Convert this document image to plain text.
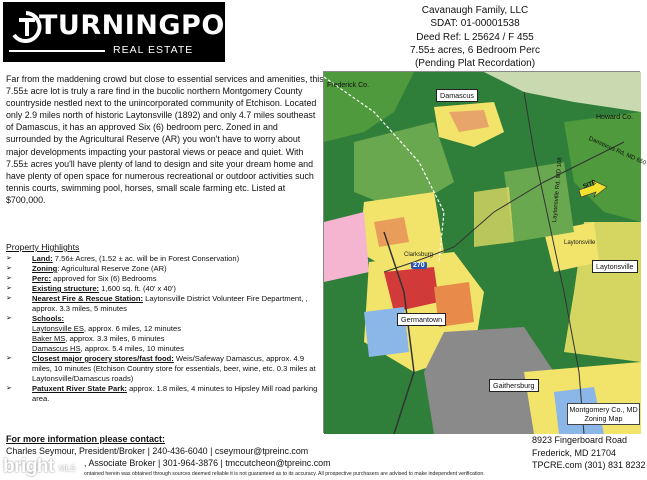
TURNINGPOINT
REAL ESTATE
Cavanaugh Family, LLC
SDAT: 01-00001538
Deed Ref: L 25624 / F 455
7.55± acres, 6 Bedroom Perc
(Pending Plat Recordation)
Far from the maddening crowd but close to essential services and amenities, this 7.55± acre lot is truly a rare find in the bucolic northern Montgomery County countryside nestled next to the unincorporated community of Etchison. Located only 2.9 miles north of historic Laytonsville (1892) and only 4.7 miles southeast of Damascus, it has an approved Six (6) bedroom perc. Zoned in and surrounded by the Agricultural Reserve (AR) you won't have to worry about major developments impacting your pastoral views or peace and quiet. With 7.55± acres you'll have plenty of land to design and site your dream home and have plenty of open space for numerous recreational or outdoor activities such tennis courts, swimming pool, horses, small scale farming etc. Listed at $700,000.
Property Highlights
➢	Land: 7.56± Acres, (1.52 ± ac. will be in Forest Conservation)
➢	Zoning: Agricultural Reserve Zone (AR)
➢	Perc: approved for Six (6) Bedrooms
➢	Existing structure: 1,600 sq. ft. (40' x 40')
➢	Nearest Fire & Rescue Station: Laytonsville District Volunteer Fire Department, , approx. 3.3 miles, 5 minutes
➢	Schools:
Laytonsville ES, approx. 6 miles, 12 minutes
Baker MS, approx. 3.3 miles, 6 minutes
Damascus HS, approx. 5.4 miles, 10 minutes
➢	Closest major grocery stores/fast food: Weis/Safeway Damascus, approx. 4.9 miles, 10 minutes (Etchison Country store for essentials, beer, wine, etc. 0.3 miles at Laytonsville/Damascus roads)
➢	Patuxent River State Park: approx. 1.8 miles, 4 minutes to Hipsley Mill road parking area.
For more information please contact:
Charles Seymour, President/Broker | 240-436-6040 | cseymour@tpreinc.com
, Associate Broker | 301-964-3876 | tmccutcheon@tpreinc.com
ontained herein was obtained through sources deemed reliable it is not guaranteed as to its accuracy. All prospective purchasers are advised to make independent verification.
bright MLS
8923 Fingerboard Road
Frederick, MD 21704
TPCRE.com (301) 831 8232
Frederick Co.
Damascus
Howard Co.
Damascus Rd, MD 650
Laytonsville Rd, MD 108	SITE
Laytonsville
Laytonsville
Clarksburg
Germantown
Gaithersburg
270
Montgomery Co., MD
Zoning Map
